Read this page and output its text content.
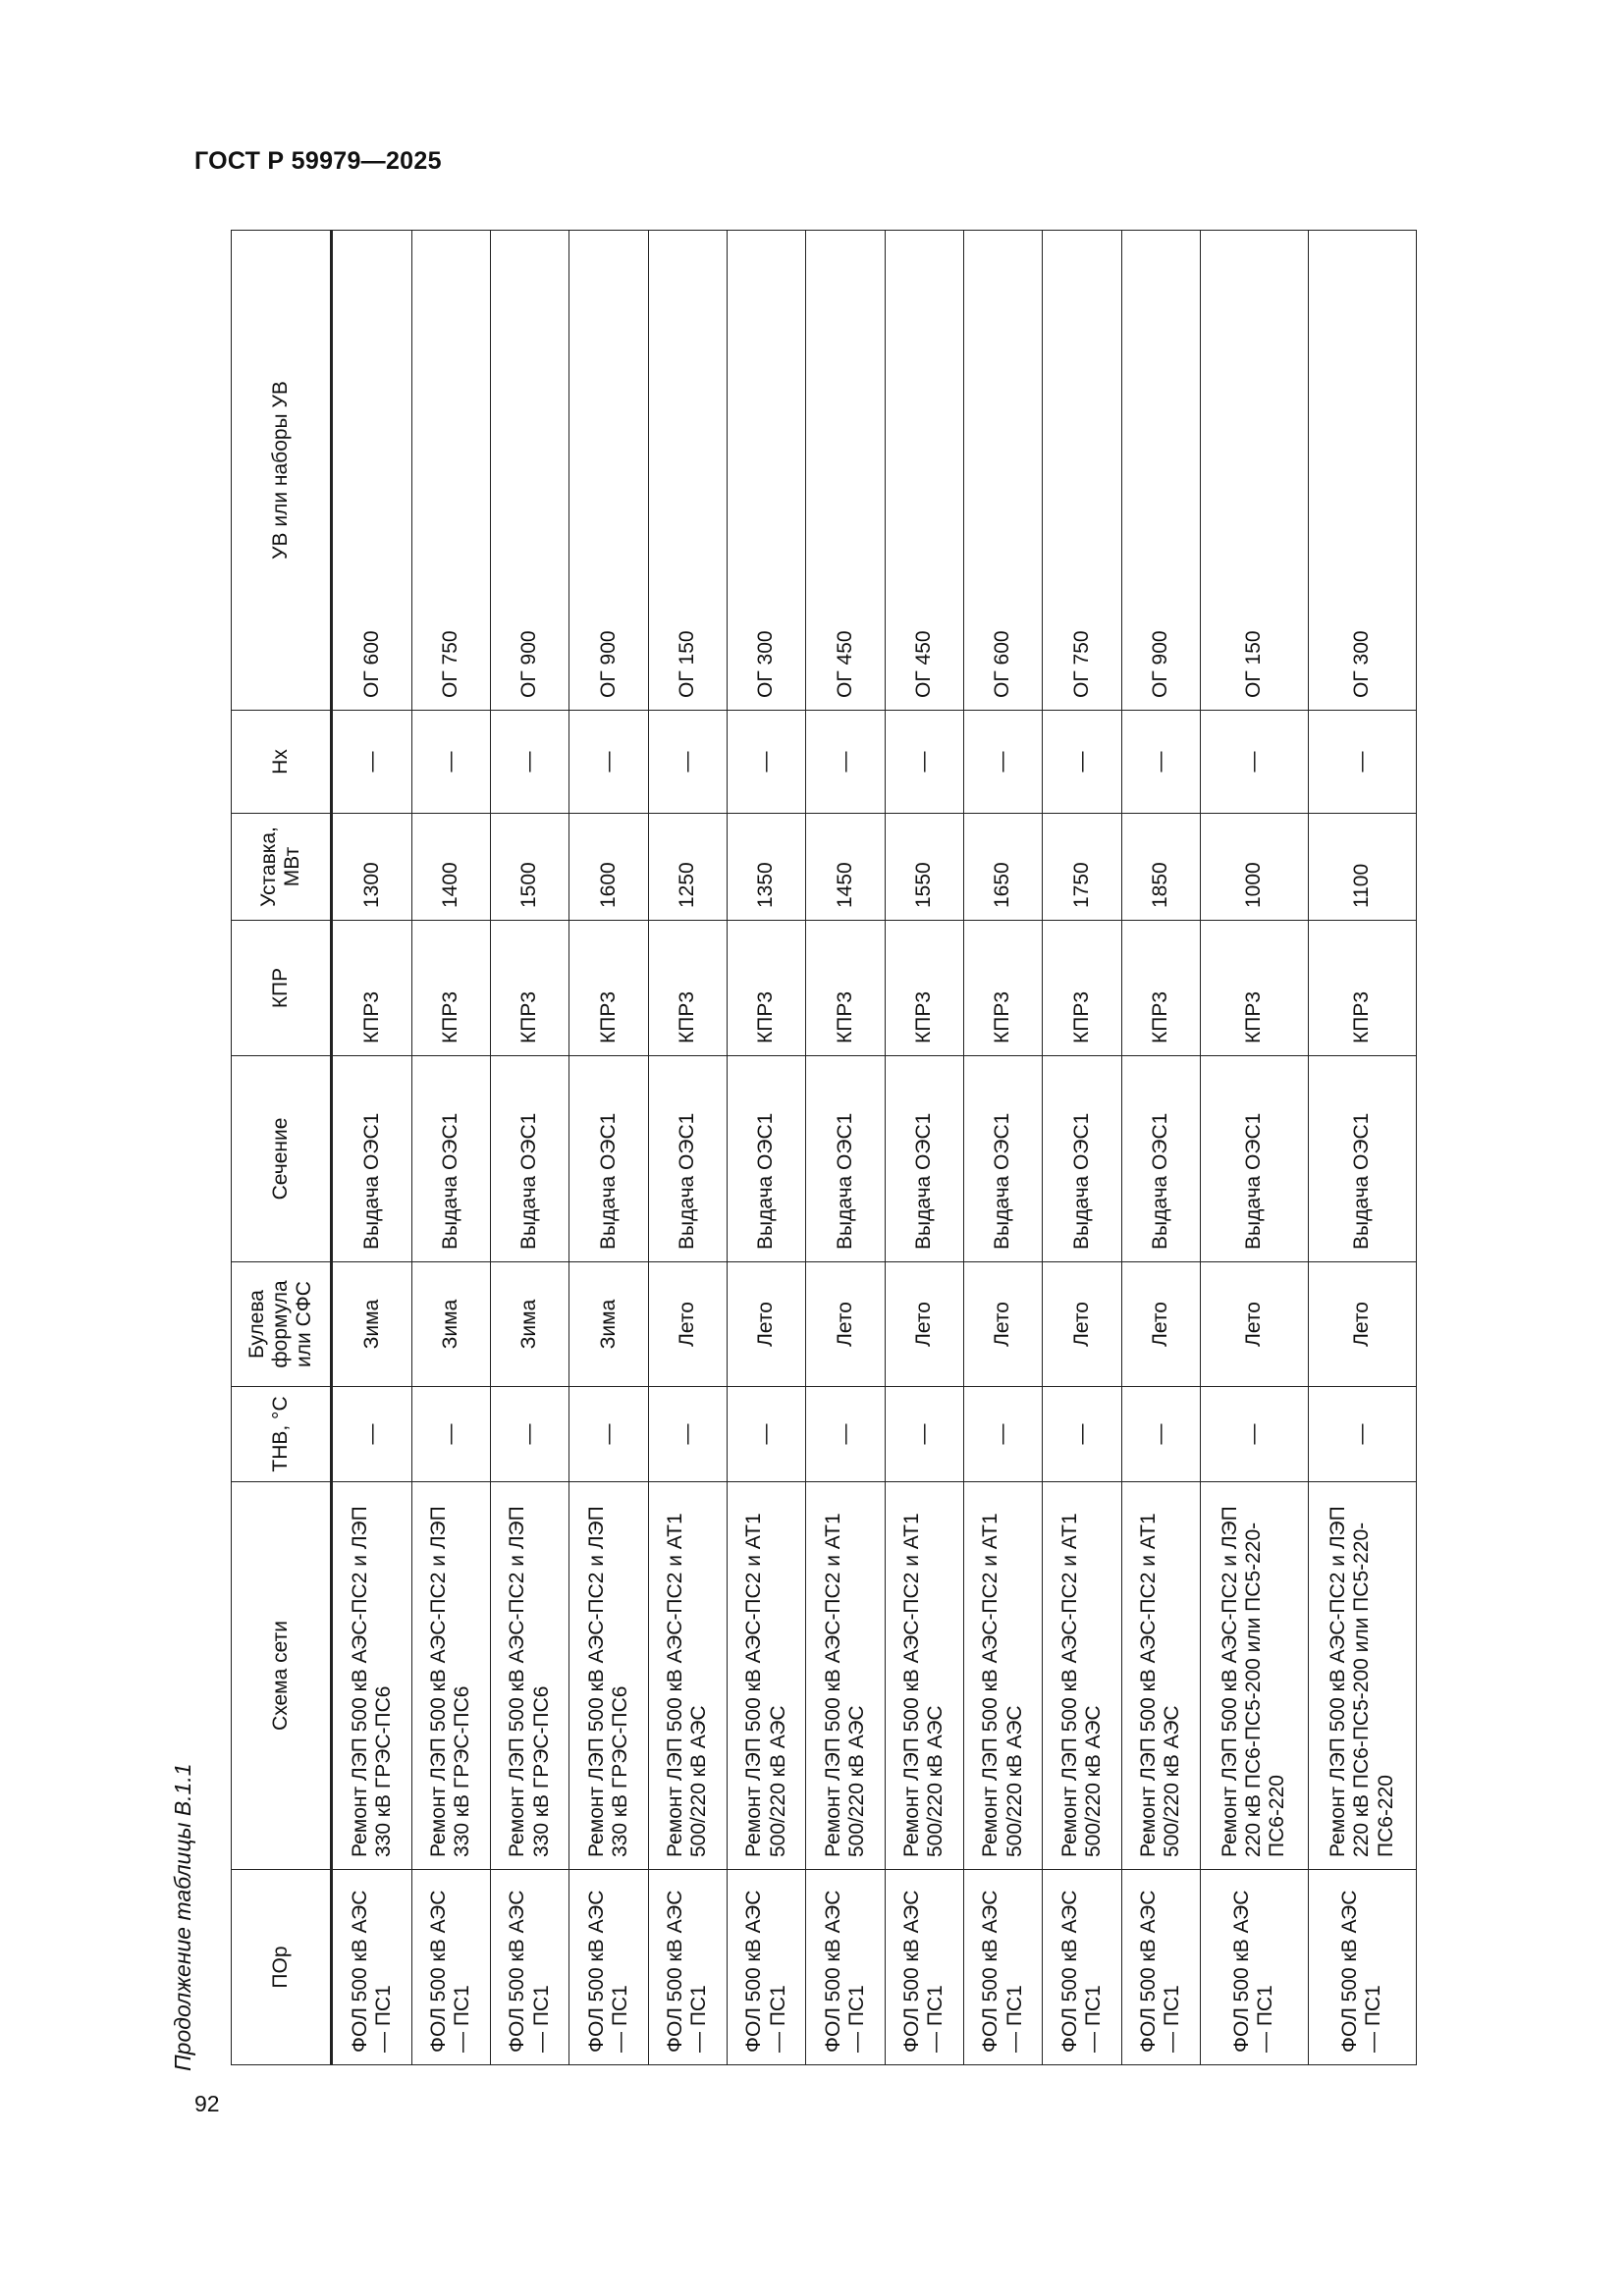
ГОСТ Р 59979—2025
Продолжение таблицы В.1.1	ПОр	Схема сети	ТНВ, °С	Булева формула или СФС	Сечение	КПР	Уставка, МВт	Нх	УВ или наборы УВ
ФОЛ 500 кВ АЭС — ПС1	Ремонт ЛЭП 500 кВ АЭС-ПС2 и ЛЭП 330 кВ ГРЭС-ПС6	—	Зима	Выдача ОЭС1	КПР3	1300	—	ОГ 600
ФОЛ 500 кВ АЭС — ПС1	Ремонт ЛЭП 500 кВ АЭС-ПС2 и ЛЭП 330 кВ ГРЭС-ПС6	—	Зима	Выдача ОЭС1	КПР3	1400	—	ОГ 750
ФОЛ 500 кВ АЭС — ПС1	Ремонт ЛЭП 500 кВ АЭС-ПС2 и ЛЭП 330 кВ ГРЭС-ПС6	—	Зима	Выдача ОЭС1	КПР3	1500	—	ОГ 900
ФОЛ 500 кВ АЭС — ПС1	Ремонт ЛЭП 500 кВ АЭС-ПС2 и ЛЭП 330 кВ ГРЭС-ПС6	—	Зима	Выдача ОЭС1	КПР3	1600	—	ОГ 900
ФОЛ 500 кВ АЭС — ПС1	Ремонт ЛЭП 500 кВ АЭС-ПС2 и АТ1 500/220 кВ АЭС	—	Лето	Выдача ОЭС1	КПР3	1250	—	ОГ 150
ФОЛ 500 кВ АЭС — ПС1	Ремонт ЛЭП 500 кВ АЭС-ПС2 и АТ1 500/220 кВ АЭС	—	Лето	Выдача ОЭС1	КПР3	1350	—	ОГ 300
ФОЛ 500 кВ АЭС — ПС1	Ремонт ЛЭП 500 кВ АЭС-ПС2 и АТ1 500/220 кВ АЭС	—	Лето	Выдача ОЭС1	КПР3	1450	—	ОГ 450
ФОЛ 500 кВ АЭС — ПС1	Ремонт ЛЭП 500 кВ АЭС-ПС2 и АТ1 500/220 кВ АЭС	—	Лето	Выдача ОЭС1	КПР3	1550	—	ОГ 450
ФОЛ 500 кВ АЭС — ПС1	Ремонт ЛЭП 500 кВ АЭС-ПС2 и АТ1 500/220 кВ АЭС	—	Лето	Выдача ОЭС1	КПР3	1650	—	ОГ 600
ФОЛ 500 кВ АЭС — ПС1	Ремонт ЛЭП 500 кВ АЭС-ПС2 и АТ1 500/220 кВ АЭС	—	Лето	Выдача ОЭС1	КПР3	1750	—	ОГ 750
ФОЛ 500 кВ АЭС — ПС1	Ремонт ЛЭП 500 кВ АЭС-ПС2 и АТ1 500/220 кВ АЭС	—	Лето	Выдача ОЭС1	КПР3	1850	—	ОГ 900
ФОЛ 500 кВ АЭС — ПС1	Ремонт ЛЭП 500 кВ АЭС-ПС2 и ЛЭП 220 кВ ПС6-ПС5-200 или ПС5-220-ПС6-220	—	Лето	Выдача ОЭС1	КПР3	1000	—	ОГ 150
ФОЛ 500 кВ АЭС — ПС1	Ремонт ЛЭП 500 кВ АЭС-ПС2 и ЛЭП 220 кВ ПС6-ПС5-200 или ПС5-220-ПС6-220	—	Лето	Выдача ОЭС1	КПР3	1100	—	ОГ 300
92
